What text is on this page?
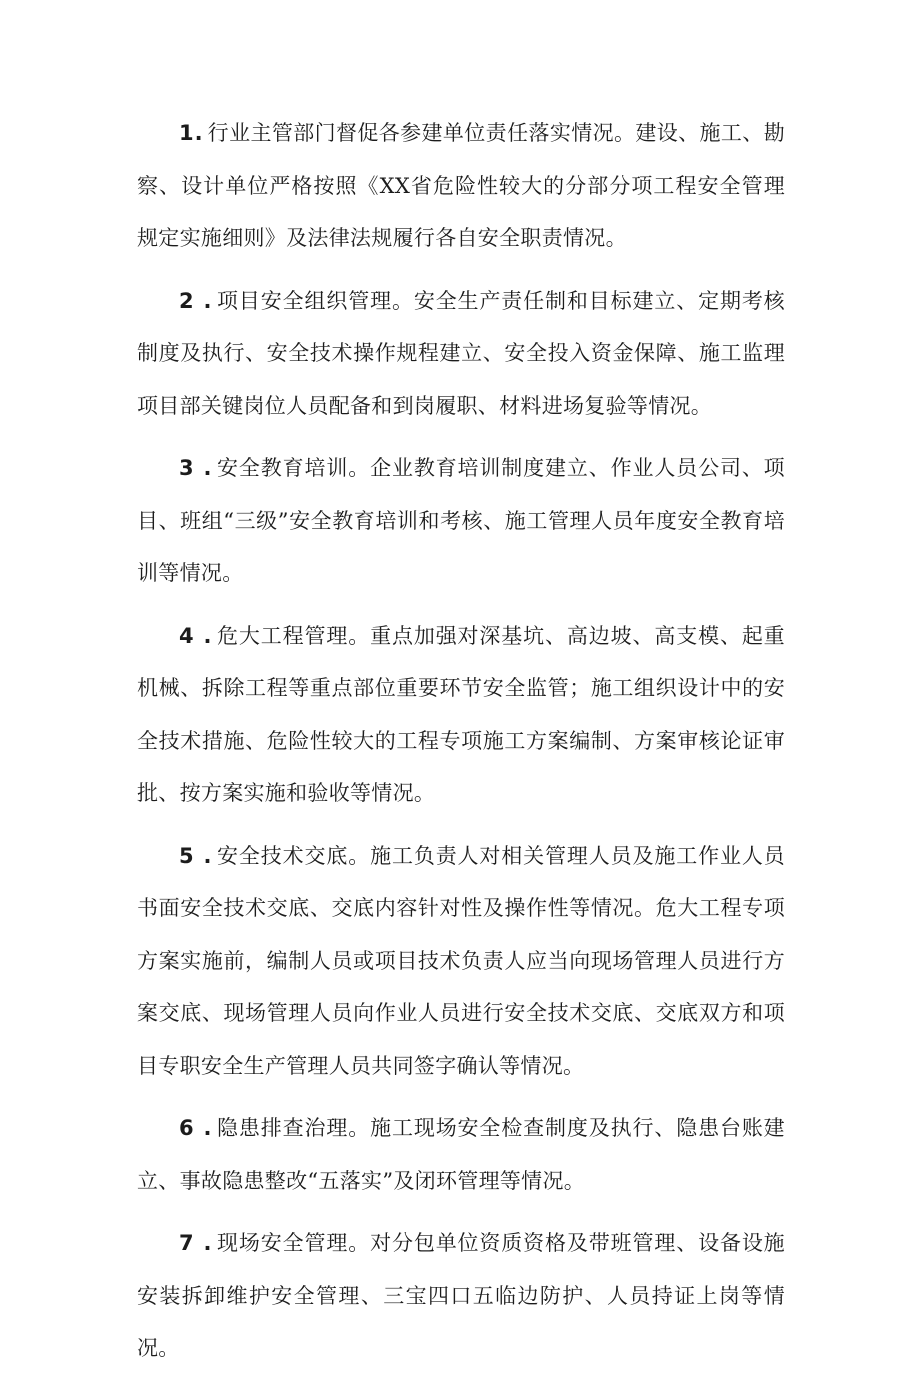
1. 行业主管部门督促各参建单位责任落实情况。建设、施工、勘察、设计单位严格按照《XX省危险性较大的分部分项工程安全管理规定实施细则》及法律法规履行各自安全职责情况。

2 . 项目安全组织管理。安全生产责任制和目标建立、定期考核制度及执行、安全技术操作规程建立、安全投入资金保障、施工监理项目部关键岗位人员配备和到岗履职、材料进场复验等情况。

3 . 安全教育培训。企业教育培训制度建立、作业人员公司、项目、班组“三级”安全教育培训和考核、施工管理人员年度安全教育培训等情况。

4 . 危大工程管理。重点加强对深基坑、高边坡、高支模、起重机械、拆除工程等重点部位重要环节安全监管；施工组织设计中的安全技术措施、危险性较大的工程专项施工方案编制、方案审核论证审批、按方案实施和验收等情况。

5 . 安全技术交底。施工负责人对相关管理人员及施工作业人员书面安全技术交底、交底内容针对性及操作性等情况。危大工程专项方案实施前，编制人员或项目技术负责人应当向现场管理人员进行方案交底、现场管理人员向作业人员进行安全技术交底、交底双方和项目专职安全生产管理人员共同签字确认等情况。

6 . 隐患排查治理。施工现场安全检查制度及执行、隐患台账建立、事故隐患整改“五落实”及闭环管理等情况。

7 . 现场安全管理。对分包单位资质资格及带班管理、设备设施安装拆卸维护安全管理、三宝四口五临边防护、人员持证上岗等情况。
